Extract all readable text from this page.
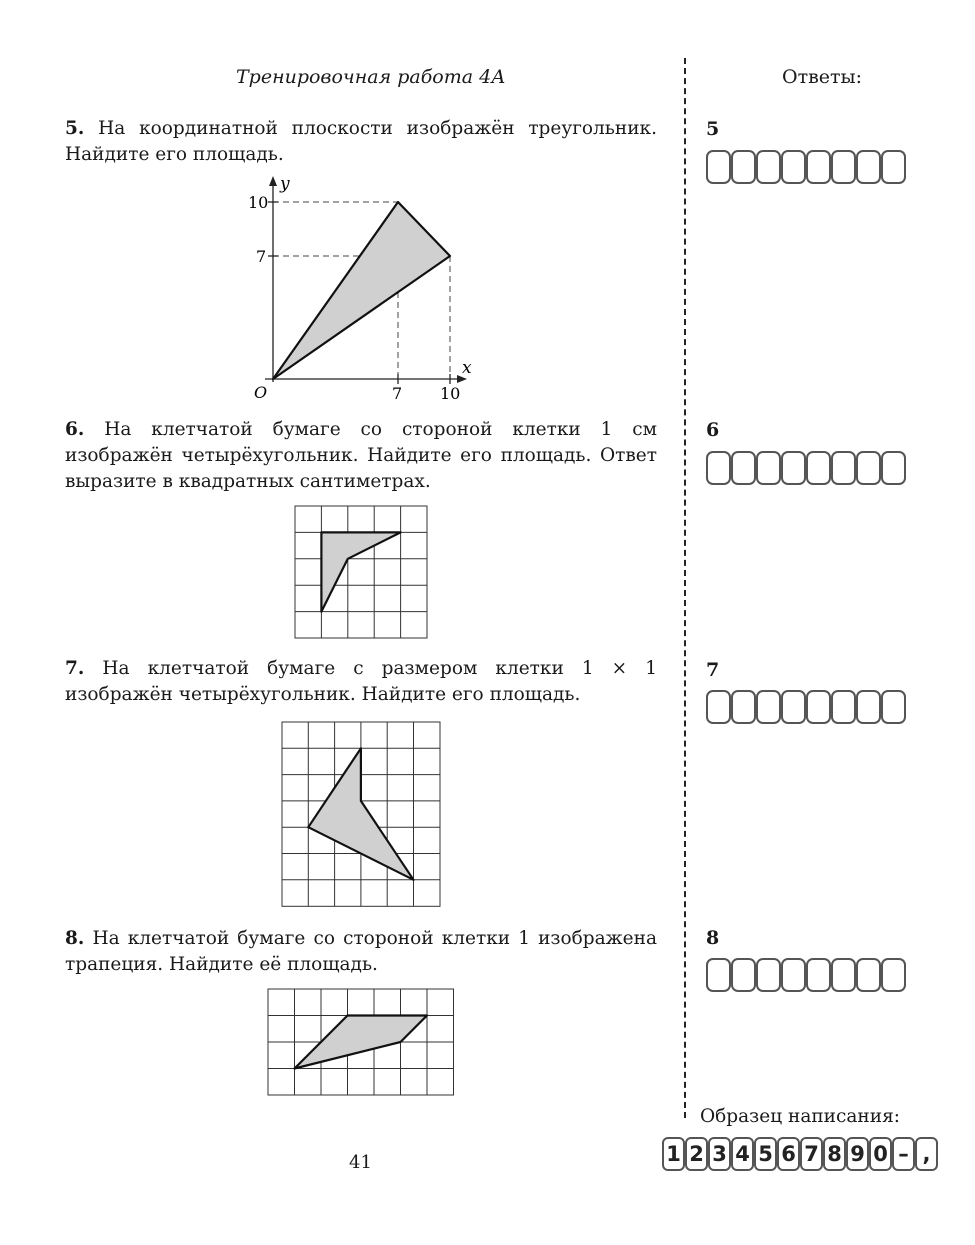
Тренировочная работа 4А	Ответы:
5. На координатной плоскости изображён треугольник. Найдите его площадь.
y
x
O
10
7
7 10
6. На клетчатой бумаге со стороной клетки 1 см изображён четырёхугольник. Найдите его площадь. Ответ выразите в квадратных сантиметрах.
7. На клетчатой бумаге с размером клетки 1 × 1 изображён четырёхугольник. Найдите его площадь.
8. На клетчатой бумаге со стороной клетки 1 изображена трапеция. Найдите её площадь.
5
6
7
8
Образец написания:
1 2 3 4 5 6 7 8 9 0 – ,
41
